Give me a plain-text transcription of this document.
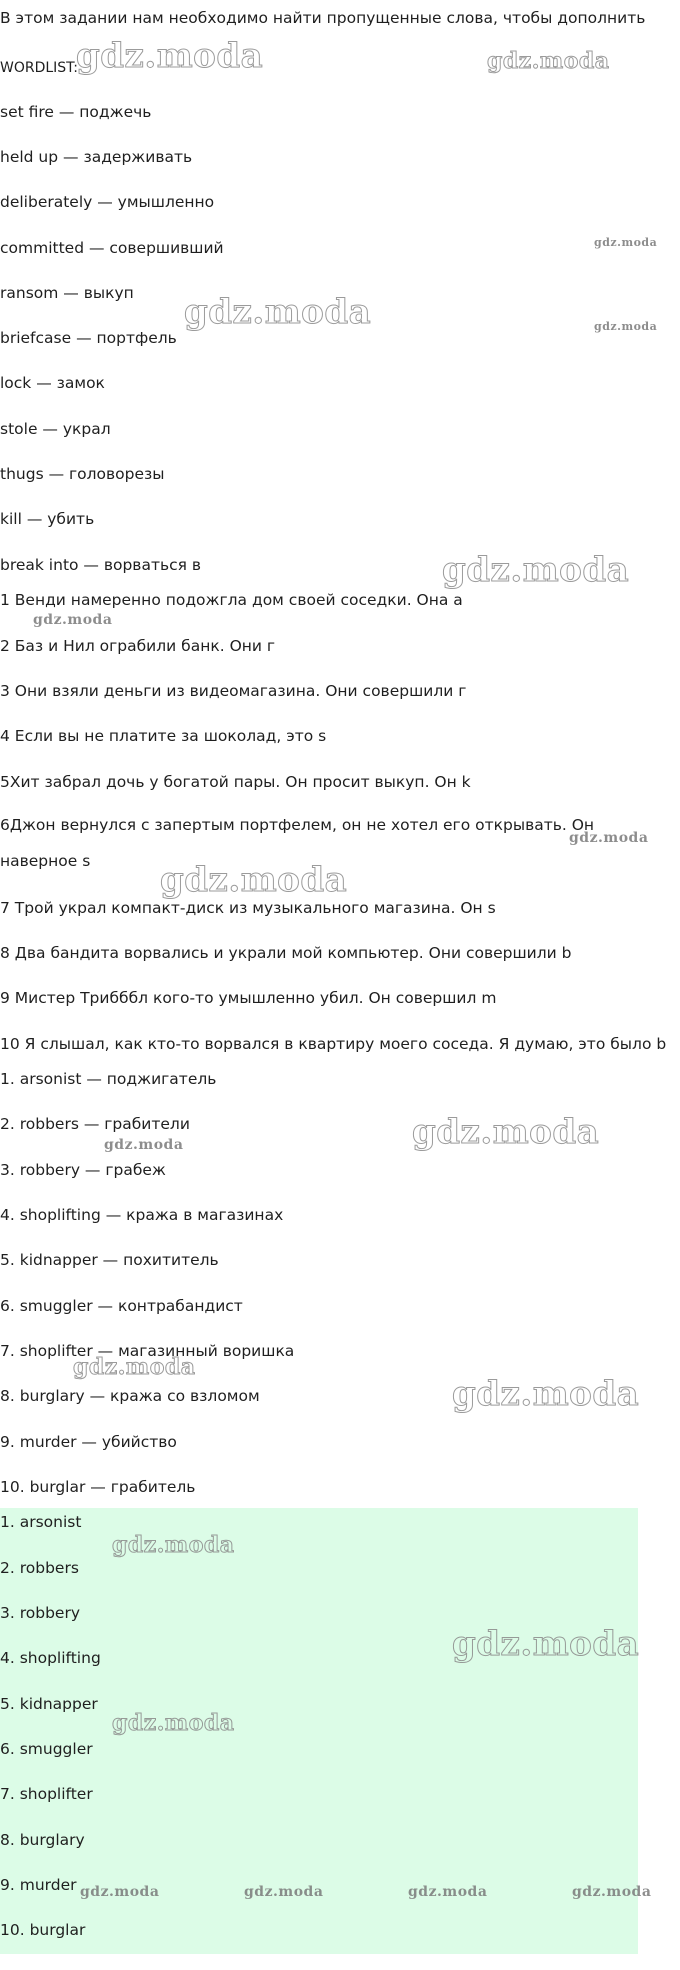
В этом задании нам необходимо найти пропущенные слова, чтобы дополнить
WORDLIST:
set fire — поджечь
held up — задерживать
deliberately — умышленно
committed — совершивший
ransom — выкуп
briefcase — портфель
lock — замок
stole — украл
thugs — головорезы
kill — убить
break into — ворваться в
1 Венди намеренно подожгла дом своей соседки. Она а
2 Баз и Нил ограбили банк. Они г
3 Они взяли деньги из видеомагазина. Они совершили г
4 Если вы не платите за шоколад, это s
5Хит забрал дочь у богатой пары. Он просит выкуп. Он k
6Джон вернулся с запертым портфелем, он не хотел его открывать. Он наверное s
7 Трой украл компакт-диск из музыкального магазина. Он s
8 Два бандита ворвались и украли мой компьютер. Они совершили b
9 Мистер Трибббл кого-то умышленно убил. Он совершил m
10 Я слышал, как кто-то ворвался в квартиру моего соседа. Я думаю, это было b
1. arsonist — поджигатель
2. robbers — грабители
3. robbery — грабеж
4. shoplifting — кража в магазинах
5. kidnapper — похититель
6. smuggler — контрабандист
7. shoplifter — магазинный воришка
8. burglary — кража со взломом
9. murder — убийство
10. burglar — грабитель
1. arsonist
2. robbers
3. robbery
4. shoplifting
5. kidnapper
6. smuggler
7. shoplifter
8. burglary
9. murder
10. burglar
gdz.moda	gdz.moda
gdz.moda
gdz.moda	gdz.moda
gdz.moda
gdz.moda
gdz.moda
gdz.moda
gdz.moda
gdz.moda
gdz.moda
gdz.moda
gdz.moda
gdz.moda
gdz.moda
gdz.moda	gdz.moda	gdz.moda	gdz.moda
